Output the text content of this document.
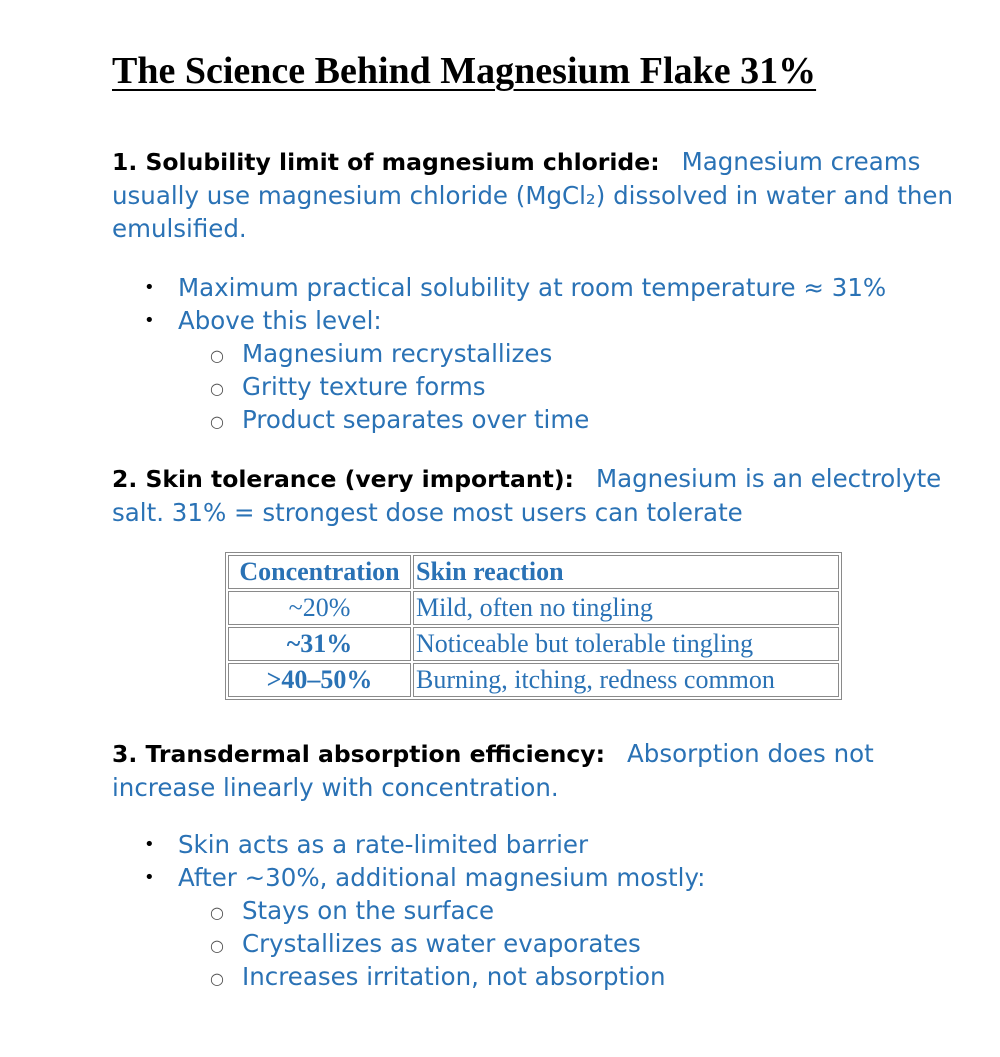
The Science Behind Magnesium Flake 31%

1. Solubility limit of magnesium chloride: Magnesium creams usually use magnesium chloride (MgCl₂) dissolved in water and then emulsified.

• Maximum practical solubility at room temperature ≈ 31%
• Above this level:
○ Magnesium recrystallizes
○ Gritty texture forms
○ Product separates over time

2. Skin tolerance (very important): Magnesium is an electrolyte salt. 31% = strongest dose most users can tolerate

Concentration	Skin reaction
~20%	Mild, often no tingling
~31%	Noticeable but tolerable tingling
>40–50%	Burning, itching, redness common

3. Transdermal absorption efficiency: Absorption does not increase linearly with concentration.

• Skin acts as a rate-limited barrier
• After ~30%, additional magnesium mostly:
○ Stays on the surface
○ Crystallizes as water evaporates
○ Increases irritation, not absorption
